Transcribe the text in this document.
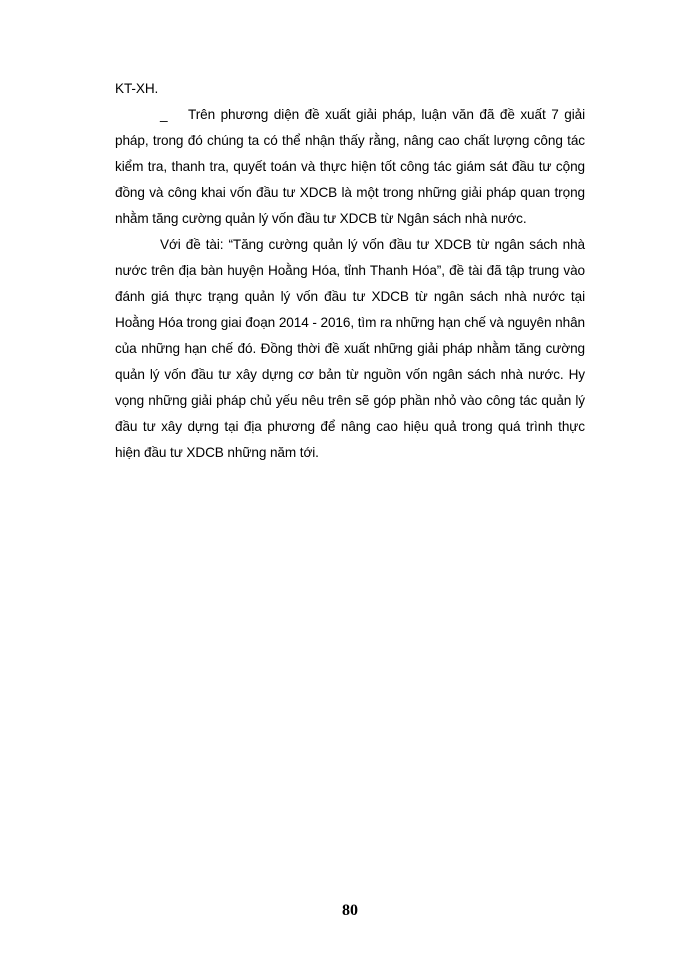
KT-XH.

_ Trên phương diện đề xuất giải pháp, luận văn đã đề xuất 7 giải pháp, trong đó chúng ta có thể nhận thấy rằng, nâng cao chất lượng công tác kiểm tra, thanh tra, quyết toán và thực hiện tốt công tác giám sát đầu tư cộng đồng và công khai vốn đầu tư XDCB là một trong những giải pháp quan trọng nhằm tăng cường quản lý vốn đầu tư XDCB từ Ngân sách nhà nước.

Với đề tài: “Tăng cường quản lý vốn đầu tư XDCB từ ngân sách nhà nước trên địa bàn huyện Hoằng Hóa, tỉnh Thanh Hóa”, đề tài đã tập trung vào đánh giá thực trạng quản lý vốn đầu tư XDCB từ ngân sách nhà nước tại Hoằng Hóa trong giai đoạn 2014 - 2016, tìm ra những hạn chế và nguyên nhân của những hạn chế đó. Đồng thời đề xuất những giải pháp nhằm tăng cường quản lý vốn đầu tư xây dựng cơ bản từ nguồn vốn ngân sách nhà nước. Hy vọng những giải pháp chủ yếu nêu trên sẽ góp phần nhỏ vào công tác quản lý đầu tư xây dựng tại địa phương để nâng cao hiệu quả trong quá trình thực hiện đầu tư XDCB những năm tới.

80
